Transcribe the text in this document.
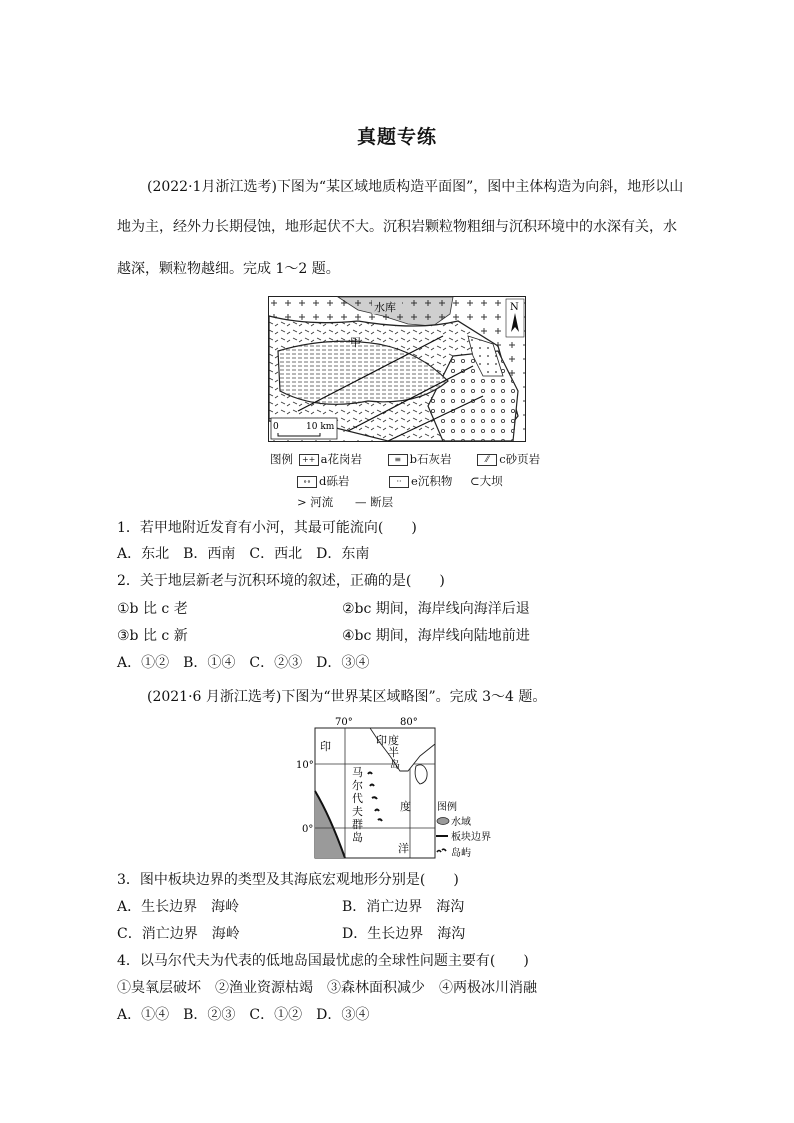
真题专练
(2022·1月浙江选考)下图为“某区域地质构造平面图”，图中主体构造为向斜，地形以山
地为主，经外力长期侵蚀，地形起伏不大。沉积岩颗粒物粗细与沉积环境中的水深有关，水
越深，颗粒物越细。完成 1～2 题。
0	10 km
水库
甲
N
图例 ++ a花岗岩	≡ b石灰岩	⁄⁄ c砂页岩
∘∘ d砾岩	·· e沉积物 ⊂大坝
> 河流 — 断层
1．若甲地附近发育有小河，其最可能流向(　　)
A．东北　B．西南　C．西北　D．东南
2．关于地层新老与沉积环境的叙述，正确的是(　　)
①b 比 c 老	②bc 期间，海岸线向海洋后退
③b 比 c 新	④bc 期间，海岸线向陆地前进
A．①②　B．①④　C．②③　D．③④
(2021·6 月浙江选考)下图为“世界某区域略图”。完成 3～4 题。
70°	80°
10°
0°
印	印 度
半
岛
马
尔
代
夫
群
岛
度
洋
图例
水域
板块边界
岛屿
3．图中板块边界的类型及其海底宏观地形分别是(　　)
A．生长边界　海岭	B．消亡边界　海沟
C．消亡边界　海岭	D．生长边界　海沟
4．以马尔代夫为代表的低地岛国最忧虑的全球性问题主要有(　　)
①臭氧层破坏　②渔业资源枯竭　③森林面积减少　④两极冰川消融
A．①④　B．②③　C．①②　D．③④
